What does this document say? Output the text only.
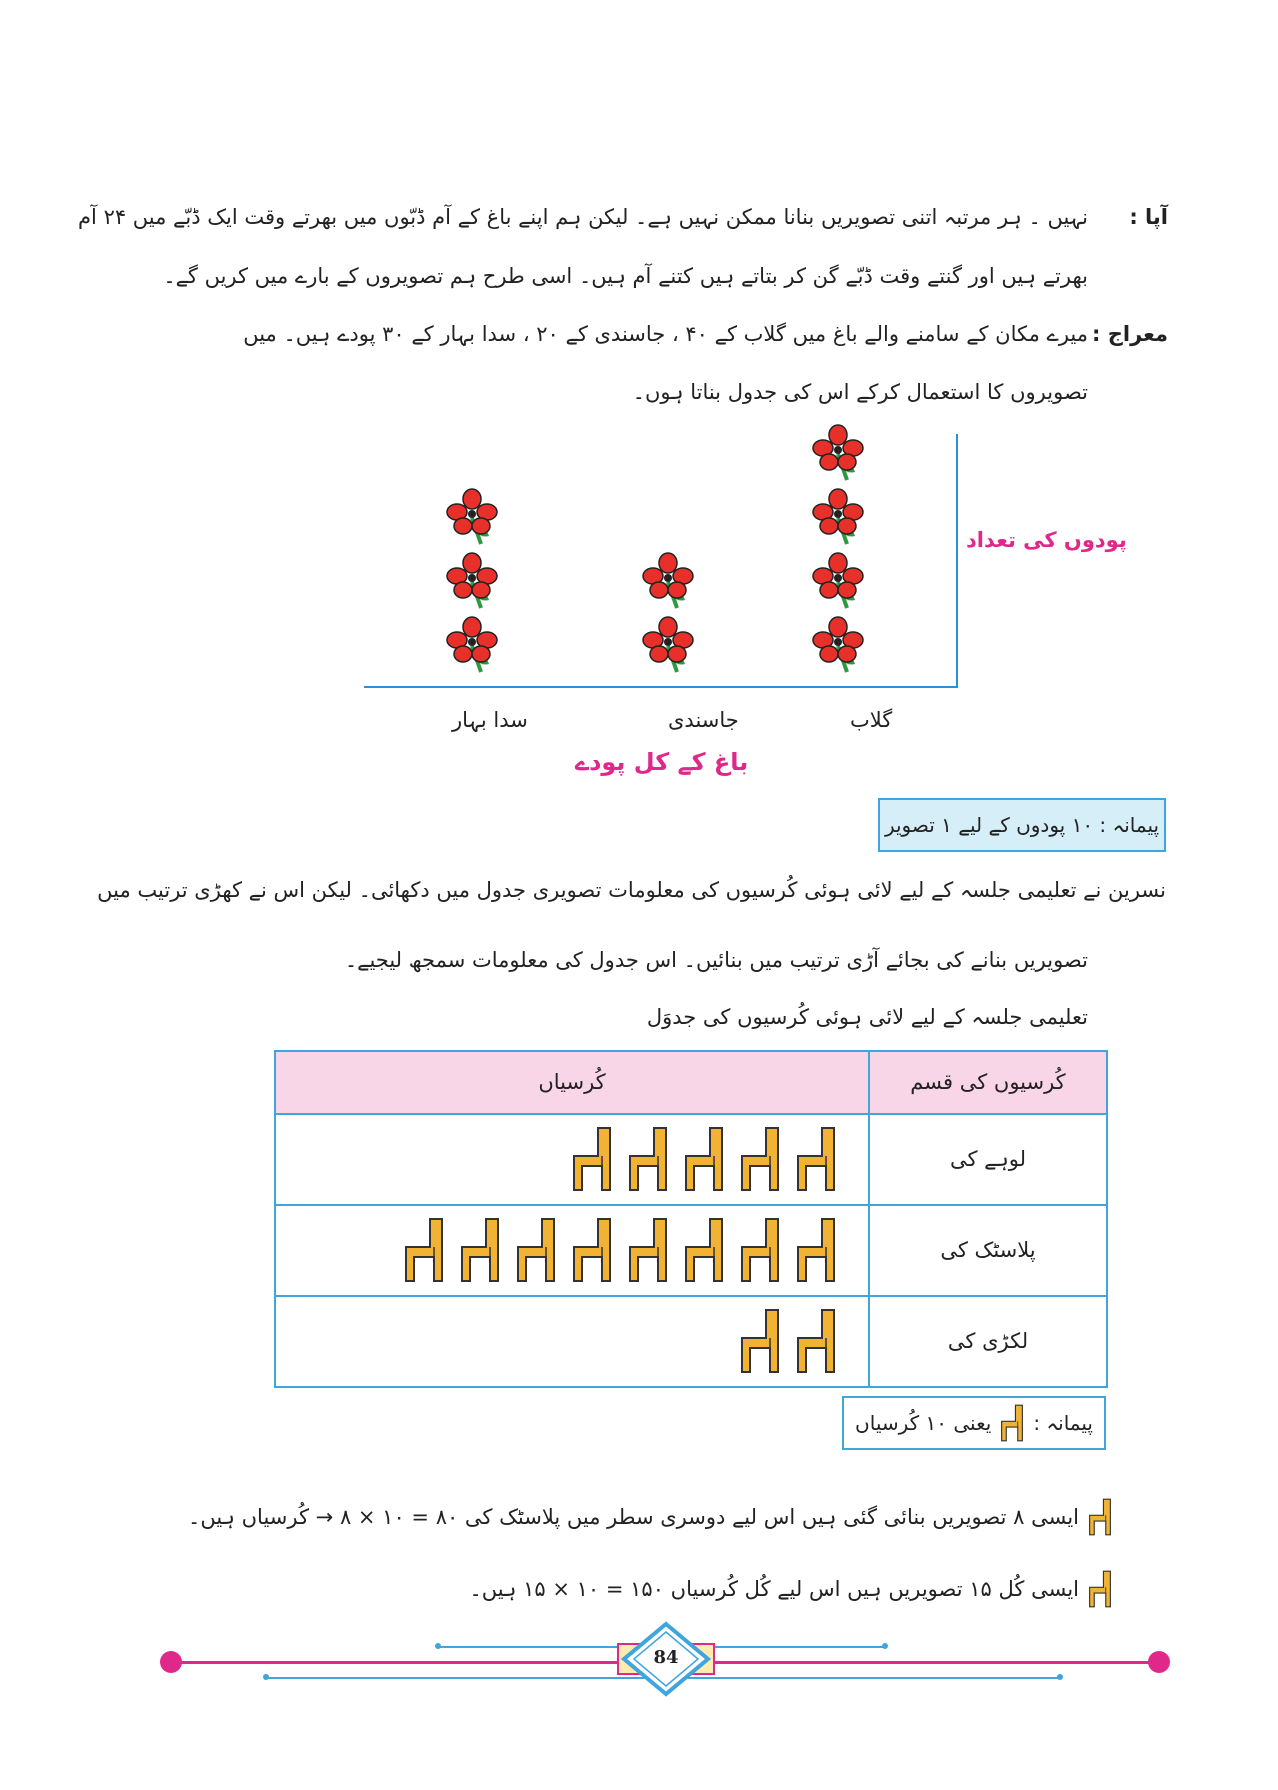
آپا :
نہیں ۔ ہر مرتبہ اتنی تصویریں بنانا ممکن نہیں ہے۔ لیکن ہم اپنے باغ کے آم ڈبّوں میں بھرتے وقت ایک ڈبّے میں ۲۴ آم
بھرتے ہیں اور گنتے وقت ڈبّے گن کر بتاتے ہیں کتنے آم ہیں۔ اسی طرح ہم تصویروں کے بارے میں کریں گے۔
معراج :
میرے مکان کے سامنے والے باغ میں گلاب کے ۴۰ ، جاسندی کے ۲۰ ، سدا بہار کے ۳۰ پودے ہیں۔ میں
تصویروں کا استعمال کرکے اس کی جدول بناتا ہوں۔
پودوں کی تعداد
گلاب
جاسندی
سدا بہار
باغ کے کل پودے
پیمانہ : ۱۰ پودوں کے لیے ۱ تصویر
نسرین نے تعلیمی جلسہ کے لیے لائی ہوئی کُرسیوں کی معلومات تصویری جدول میں دکھائی۔ لیکن اس نے کھڑی ترتیب میں
تصویریں بنانے کی بجائے آڑی ترتیب میں بنائیں۔ اس جدول کی معلومات سمجھ لیجیے۔
تعلیمی جلسہ کے لیے لائی ہوئی کُرسیوں کی جدوَل
کُرسیوں کی قسم	کُرسیاں
لوہے کی	
پلاسٹک کی	
لکڑی کی	
پیمانہ :
یعنی ۱۰ کُرسیاں
ایسی ۸ تصویریں بنائی گئی ہیں اس لیے دوسری سطر میں پلاسٹک کی ۸۰ = ۱۰ × ۸ → کُرسیاں ہیں۔
ایسی کُل ۱۵ تصویریں ہیں اس لیے کُل کُرسیاں ۱۵۰ = ۱۰ × ۱۵ ہیں۔
84
